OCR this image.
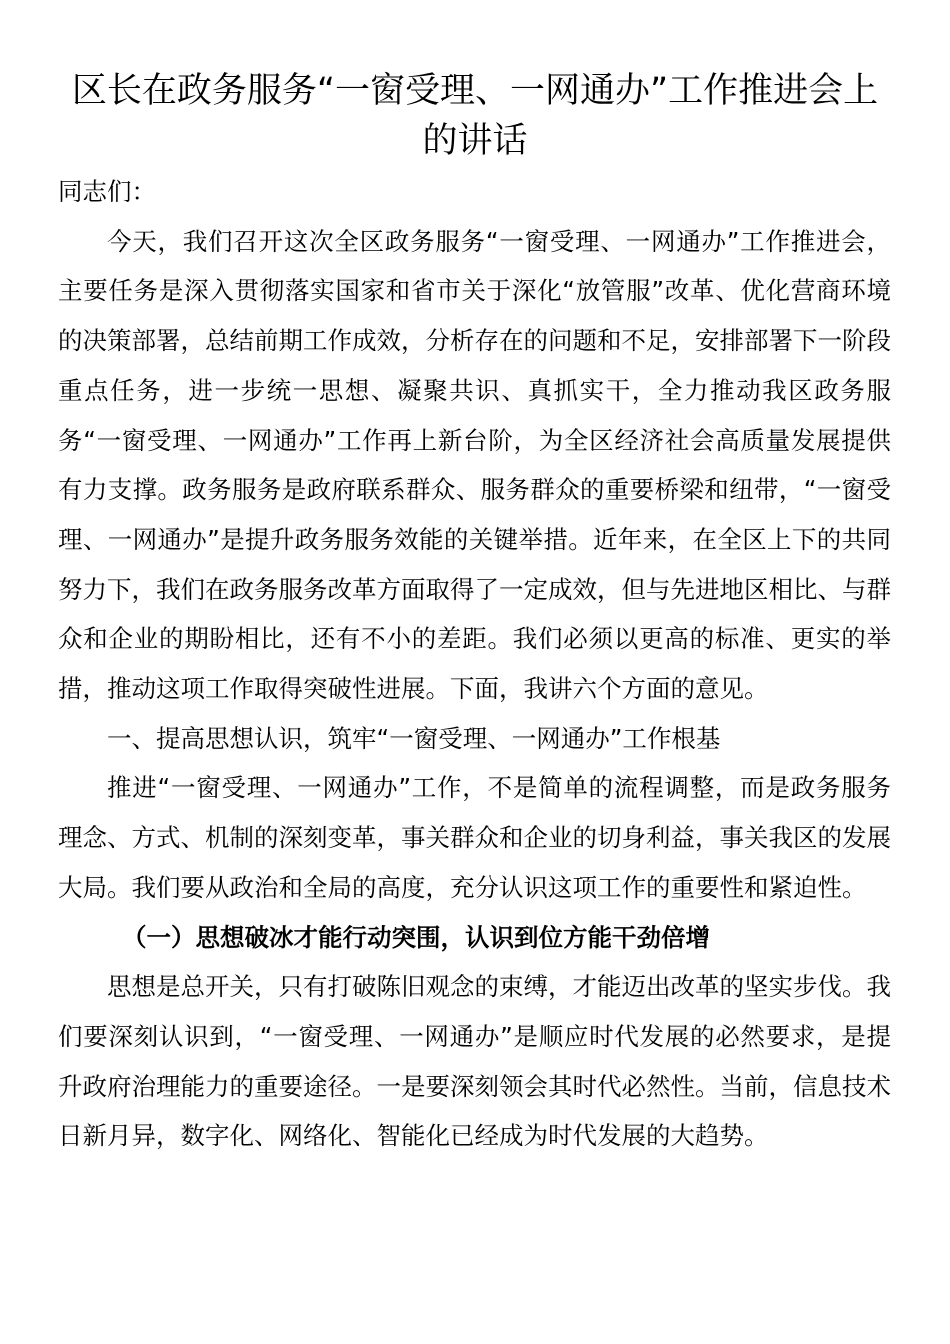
区长在政务服务“一窗受理、一网通办”工作推进会上的讲话

同志们：

今天，我们召开这次全区政务服务“一窗受理、一网通办”工作推进会，主要任务是深入贯彻落实国家和省市关于深化“放管服”改革、优化营商环境的决策部署，总结前期工作成效，分析存在的问题和不足，安排部署下一阶段重点任务，进一步统一思想、凝聚共识、真抓实干，全力推动我区政务服务“一窗受理、一网通办”工作再上新台阶，为全区经济社会高质量发展提供有力支撑。政务服务是政府联系群众、服务群众的重要桥梁和纽带，“一窗受理、一网通办”是提升政务服务效能的关键举措。近年来，在全区上下的共同努力下，我们在政务服务改革方面取得了一定成效，但与先进地区相比、与群众和企业的期盼相比，还有不小的差距。我们必须以更高的标准、更实的举措，推动这项工作取得突破性进展。下面，我讲六个方面的意见。

一、提高思想认识，筑牢“一窗受理、一网通办”工作根基

推进“一窗受理、一网通办”工作，不是简单的流程调整，而是政务服务理念、方式、机制的深刻变革，事关群众和企业的切身利益，事关我区的发展大局。我们要从政治和全局的高度，充分认识这项工作的重要性和紧迫性。

（一）思想破冰才能行动突围，认识到位方能干劲倍增

思想是总开关，只有打破陈旧观念的束缚，才能迈出改革的坚实步伐。我们要深刻认识到，“一窗受理、一网通办”是顺应时代发展的必然要求，是提升政府治理能力的重要途径。一是要深刻领会其时代必然性。当前，信息技术日新月异，数字化、网络化、智能化已经成为时代发展的大趋势。
